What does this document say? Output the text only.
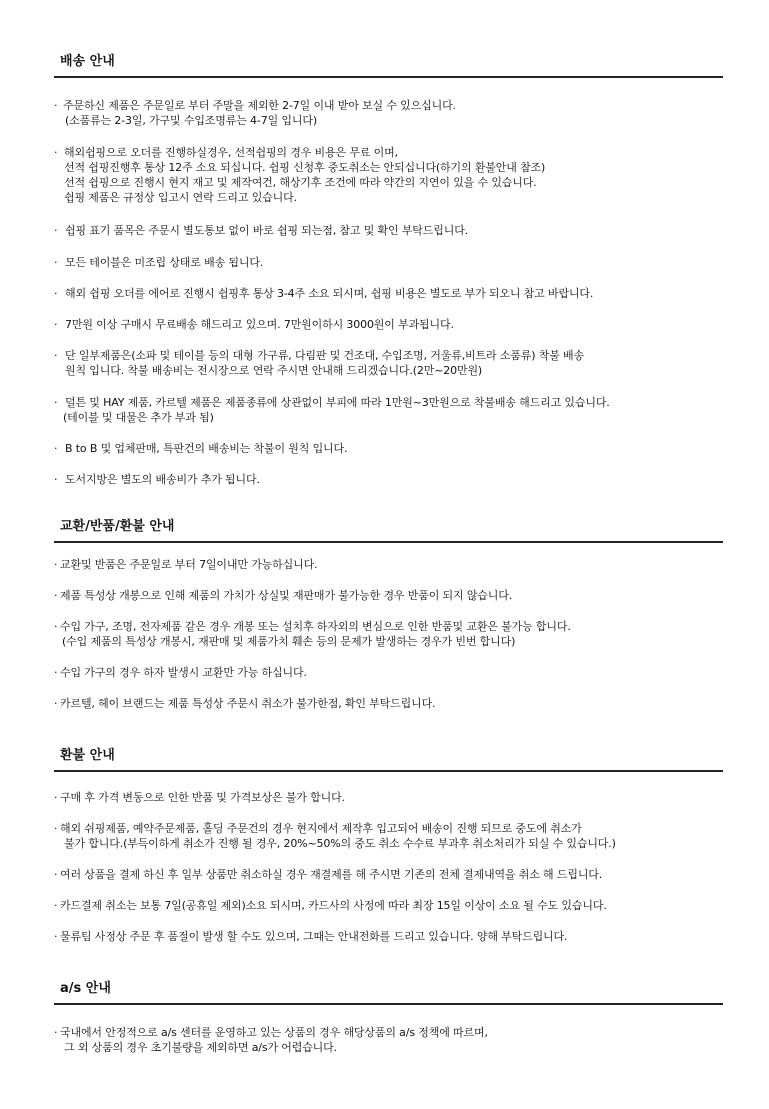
배송 안내
· 주문하신 제품은 주문일로 부터 주말을 제외한 2-7일 이내 받아 보실 수 있으십니다.
(소품류는 2-3일, 가구및 수입조명류는 4-7일 입니다)
· 해외쉽핑으로 오더를 진행하실경우, 선적쉽핑의 경우 비용은 무료 이며,
선적 쉽핑진행후 통상 12주 소요 되십니다. 쉽핑 신청후 중도취소는 안되십니다(하기의 환불안내 참조)
선적 쉽핑으로 진행시 현지 재고 및 제작여건, 해상기후 조건에 따라 약간의 지연이 있을 수 있습니다.
쉽핑 제품은 규정상 입고시 연락 드리고 있습니다.
· 쉽핑 표기 품목은 주문시 별도통보 없이 바로 쉽핑 되는점, 참고 및 확인 부탁드립니다.
· 모든 테이블은 미조립 상태로 배송 됩니다.
· 해외 쉽핑 오더를 에어로 진행시 쉽핑후 통상 3-4주 소요 되시며, 쉽핑 비용은 별도로 부가 되오니 참고 바랍니다.
· 7만원 이상 구매시 무료배송 해드리고 있으며. 7만원이하시 3000원이 부과됩니다.
· 단 일부제품은(소파 및 테이블 등의 대형 가구류, 다림판 및 건조대, 수입조명, 거울류,비트라 소품류) 착불 배송
원칙 입니다. 착불 배송비는 전시장으로 연락 주시면 안내해 드리겠습니다.(2만~20만원)
· 덜튼 및 HAY 제품, 카르텔 제품은 제품종류에 상관없이 부피에 따라 1만원~3만원으로 착불배송 해드리고 있습니다.
(테이블 및 대물은 추가 부과 됨)
· B to B 및 업체판매, 특판건의 배송비는 착불이 원칙 입니다.
· 도서지방은 별도의 배송비가 추가 됩니다.
교환/반품/환불 안내
· 교환및 반품은 주문일로 부터 7일이내만 가능하십니다.
· 제품 특성상 개봉으로 인해 제품의 가치가 상실및 재판매가 불가능한 경우 반품이 되지 않습니다.
· 수입 가구, 조명, 전자제품 같은 경우 개봉 또는 설치후 하자외의 변심으로 인한 반품및 교환은 불가능 합니다.
(수입 제품의 특성상 개봉시, 재판매 및 제품가치 훼손 등의 문제가 발생하는 경우가 빈번 합니다)
· 수입 가구의 경우 하자 발생시 교환만 가능 하십니다.
· 카르텔, 헤이 브랜드는 제품 특성상 주문시 취소가 불가한점, 확인 부탁드립니다.
환불 안내
· 구매 후 가격 변동으로 인한 반품 및 가격보상은 불가 합니다.
· 해외 쉬핑제품, 예약주문제품, 홀딩 주문건의 경우 현지에서 제작후 입고되어 배송이 진행 되므로 중도에 취소가
불가 합니다.(부득이하게 취소가 진행 될 경우, 20%~50%의 중도 취소 수수료 부과후 취소처리가 되실 수 있습니다.)
· 여러 상품을 결제 하신 후 일부 상품만 취소하실 경우 재결제를 해 주시면 기존의 전체 결제내역을 취소 해 드립니다.
· 카드결제 취소는 보통 7일(공휴일 제외)소요 되시며, 카드사의 사정에 따라 최장 15일 이상이 소요 될 수도 있습니다.
· 물류팀 사정상 주문 후 품절이 발생 할 수도 있으며, 그때는 안내전화를 드리고 있습니다. 양해 부탁드립니다.
a/s 안내
· 국내에서 안정적으로 a/s 센터를 운영하고 있는 상품의 경우 해당상품의 a/s 정책에 따르며,
그 외 상품의 경우 초기불량을 제외하면 a/s가 어렵습니다.
